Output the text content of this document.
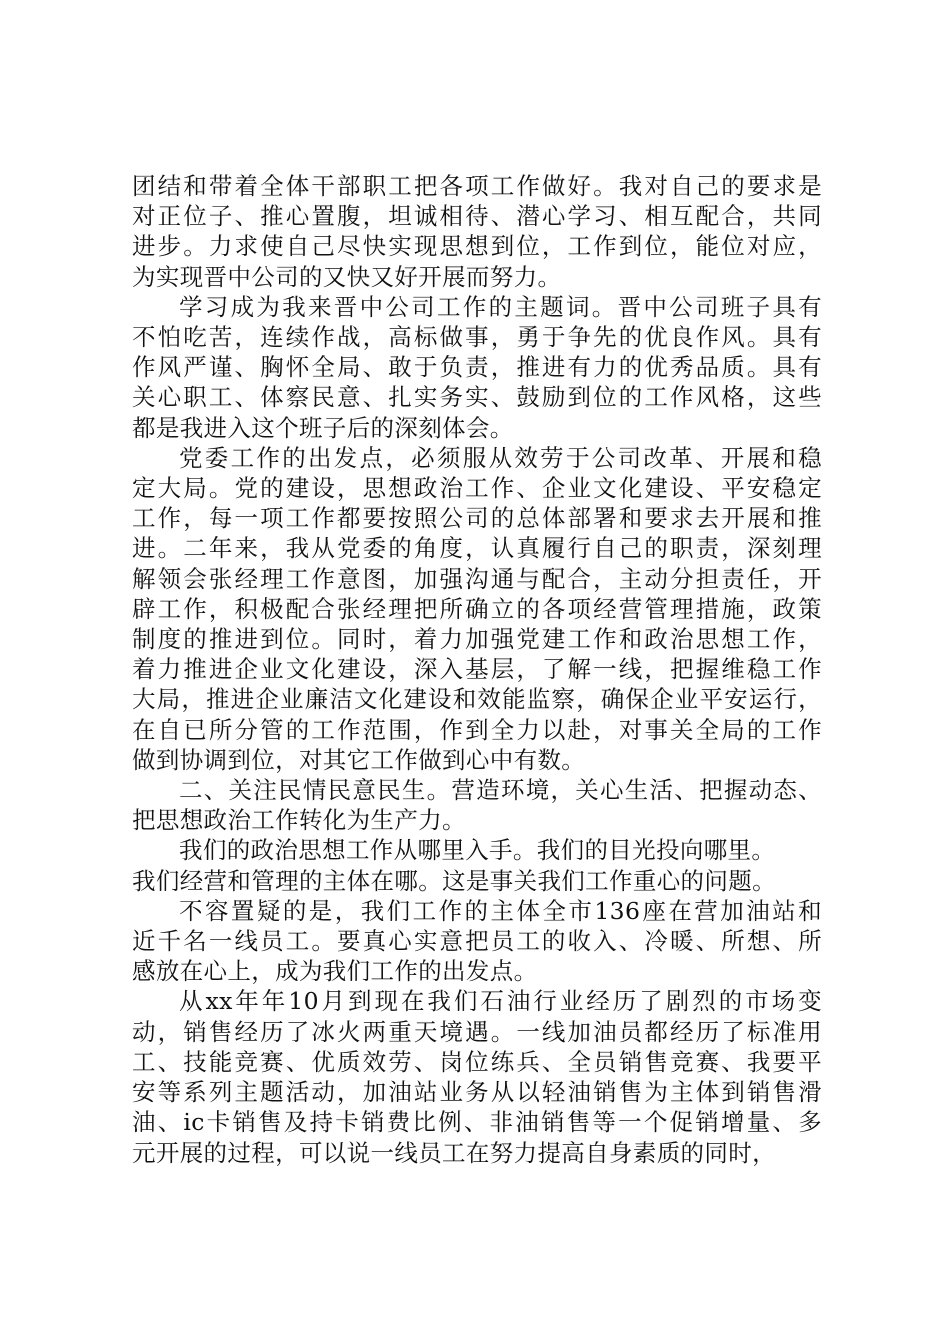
团结和带着全体干部职工把各项工作做好。我对自己的要求是
对正位子、推心置腹，坦诚相待、潜心学习、相互配合，共同
进步。力求使自己尽快实现思想到位，工作到位，能位对应，
为实现晋中公司的又快又好开展而努力。
学习成为我来晋中公司工作的主题词。晋中公司班子具有
不怕吃苦，连续作战，高标做事，勇于争先的优良作风。具有
作风严谨、胸怀全局、敢于负责，推进有力的优秀品质。具有
关心职工、体察民意、扎实务实、鼓励到位的工作风格，这些
都是我进入这个班子后的深刻体会。
党委工作的出发点，必须服从效劳于公司改革、开展和稳
定大局。党的建设，思想政治工作、企业文化建设、平安稳定
工作，每一项工作都要按照公司的总体部署和要求去开展和推
进。二年来，我从党委的角度，认真履行自己的职责，深刻理
解领会张经理工作意图，加强沟通与配合，主动分担责任，开
辟工作，积极配合张经理把所确立的各项经营管理措施，政策
制度的推进到位。同时，着力加强党建工作和政治思想工作，
着力推进企业文化建设，深入基层，了解一线，把握维稳工作
大局，推进企业廉洁文化建设和效能监察，确保企业平安运行，
在自已所分管的工作范围，作到全力以赴，对事关全局的工作
做到协调到位，对其它工作做到心中有数。
二、关注民情民意民生。营造环境，关心生活、把握动态、
把思想政治工作转化为生产力。
我们的政治思想工作从哪里入手。我们的目光投向哪里。
我们经营和管理的主体在哪。这是事关我们工作重心的问题。
不容置疑的是，我们工作的主体全市136座在营加油站和
近千名一线员工。要真心实意把员工的收入、冷暖、所想、所
感放在心上，成为我们工作的出发点。
从xx年年10月到现在我们石油行业经历了剧烈的市场变
动，销售经历了冰火两重天境遇。一线加油员都经历了标准用
工、技能竞赛、优质效劳、岗位练兵、全员销售竞赛、我要平
安等系列主题活动，加油站业务从以轻油销售为主体到销售滑
油、ic卡销售及持卡销费比例、非油销售等一个促销增量、多
元开展的过程，可以说一线员工在努力提高自身素质的同时，
